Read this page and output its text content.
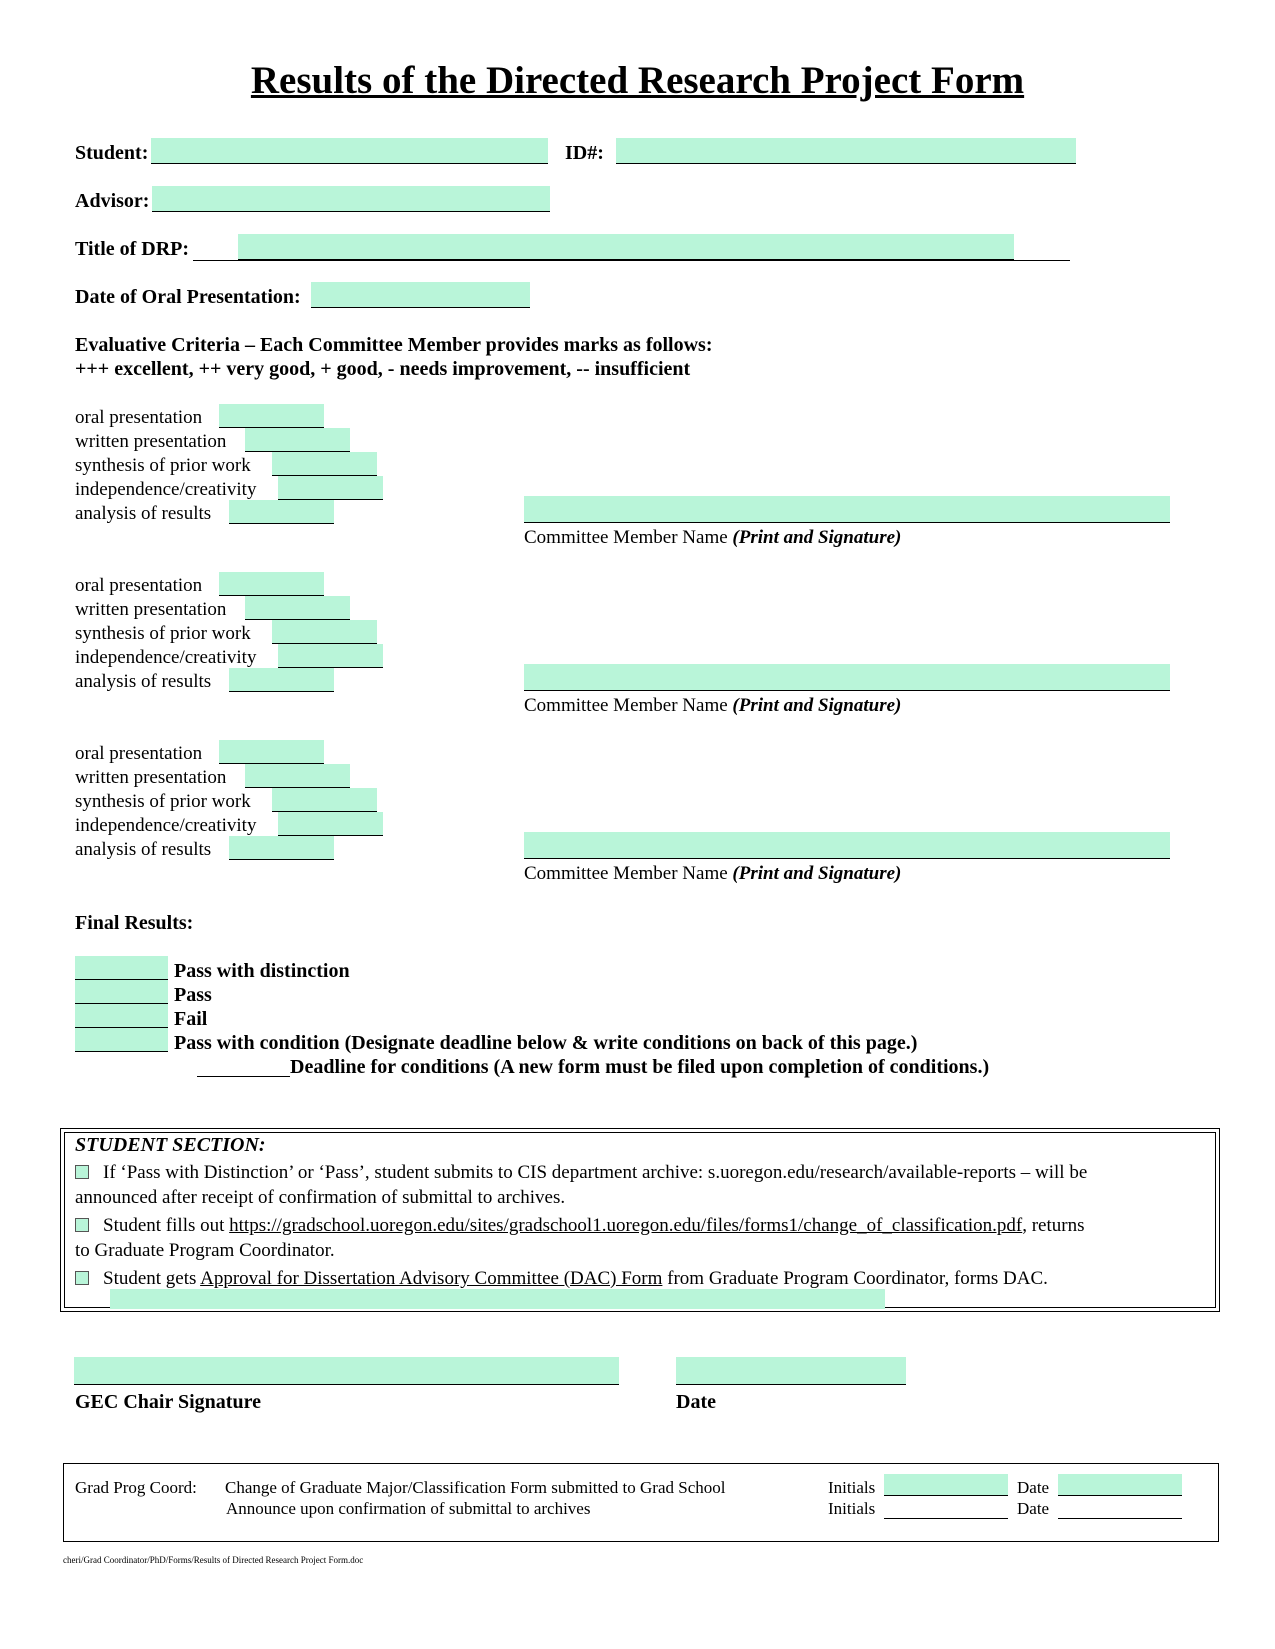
Results of the Directed Research Project Form
Student:	ID#:
Advisor:
Title of DRP:
Date of Oral Presentation:
Evaluative Criteria – Each Committee Member provides marks as follows:
+++ excellent, ++ very good, + good, - needs improvement, -- insufficient
oral presentation
written presentation
synthesis of prior work
independence/creativity
analysis of results
Committee Member Name (Print and Signature)
oral presentation
written presentation
synthesis of prior work
independence/creativity
analysis of results
Committee Member Name (Print and Signature)
oral presentation
written presentation
synthesis of prior work
independence/creativity
analysis of results
Committee Member Name (Print and Signature)
Final Results:
Pass with distinction
Pass
Fail
Pass with condition (Designate deadline below & write conditions on back of this page.)
Deadline for conditions (A new form must be filed upon completion of conditions.)
STUDENT SECTION:
If ‘Pass with Distinction’ or ‘Pass’, student submits to CIS department archive: s.uoregon.edu/research/available-reports – will be
announced after receipt of confirmation of submittal to archives.
Student fills out https://gradschool.uoregon.edu/sites/gradschool1.uoregon.edu/files/forms1/change_of_classification.pdf, returns
to Graduate Program Coordinator.
Student gets Approval for Dissertation Advisory Committee (DAC) Form from Graduate Program Coordinator, forms DAC.
GEC Chair Signature	Date
Grad Prog Coord: Change of Graduate Major/Classification Form submitted to Grad School
Announce upon confirmation of submittal to archives
Initials	Date
Initials	Date
cheri/Grad Coordinator/PhD/Forms/Results of Directed Research Project Form.doc
